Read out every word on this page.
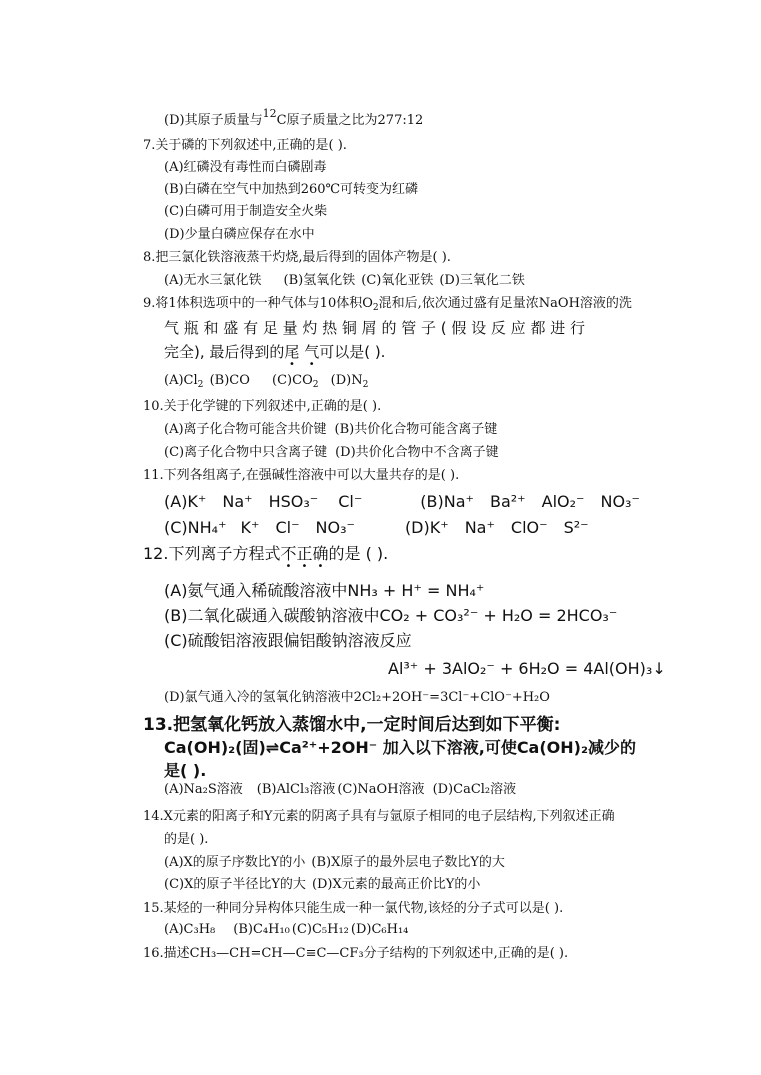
(D)其原子质量与$^{12}$C原子质量之比为277:12
7.关于磷的下列叙述中,正确的是( ).
(A)红磷没有毒性而白磷剧毒
(B)白磷在空气中加热到260℃可转变为红磷
(C)白磷可用于制造安全火柴
(D)少量白磷应保存在水中
8.把三氯化铁溶液蒸干灼烧,最后得到的固体产物是( ).
(A)无水三氯化铁 (B)氢氧化铁 (C)氧化亚铁 (D)三氧化二铁
9.将1体积选项中的一种气体与10体积$O_2$混和后,依次通过盛有足量浓NaOH溶液的洗
气 瓶 和 盛 有 足 量 灼 热 铜 屑 的 管 子 ( 假 设 反 应 都 进 行
完全), 最后得到的尾 气可以是( ).
$(A)Cl_2$ (B)CO $(C)CO_2$ $(D)N_2$
10.关于化学键的下列叙述中,正确的是( ).
(A)离子化合物可能含共价键 (B)共价化合物可能含离子键
(C)离子化合物中只含离子键 (D)共价化合物中不含离子键
11.下列各组离子,在强碱性溶液中可以大量共存的是( ).
(A)K⁺ Na⁺ HSO₃⁻ Cl⁻	(B)Na⁺ Ba²⁺ AlO₂⁻ NO₃⁻
(C)NH₄⁺ K⁺ Cl⁻ NO₃⁻	(D)K⁺ Na⁺ ClO⁻ S²⁻
12.下列离子方程式不正确的是 ( ).
(A)氨气通入稀硫酸溶液中NH₃ + H⁺ = NH₄⁺
(B)二氧化碳通入碳酸钠溶液中CO₂ + CO₃²⁻ + H₂O = 2HCO₃⁻
(C)硫酸铝溶液跟偏铝酸钠溶液反应
Al³⁺ + 3AlO₂⁻ + 6H₂O = 4Al(OH)₃↓
(D)氯气通入冷的氢氧化钠溶液中2Cl₂+2OH⁻=3Cl⁻+ClO⁻+H₂O
13.把氢氧化钙放入蒸馏水中,一定时间后达到如下平衡:
Ca(OH)₂(固)⇌Ca²⁺+2OH⁻ 加入以下溶液,可使Ca(OH)₂减少的
是( ).
(A)Na₂S溶液 (B)AlCl₃溶液 (C)NaOH溶液 (D)CaCl₂溶液
14.X元素的阳离子和Y元素的阴离子具有与氩原子相同的电子层结构,下列叙述正确
的是( ).
(A)X的原子序数比Y的小 (B)X原子的最外层电子数比Y的大
(C)X的原子半径比Y的大 (D)X元素的最高正价比Y的小
15.某烃的一种同分异构体只能生成一种一氯代物,该烃的分子式可以是( ).
(A)C₃H₈ (B)C₄H₁₀ (C)C₅H₁₂ (D)C₆H₁₄
16.描述CH₃—CH=CH—C≡C—CF₃分子结构的下列叙述中,正确的是( ).
